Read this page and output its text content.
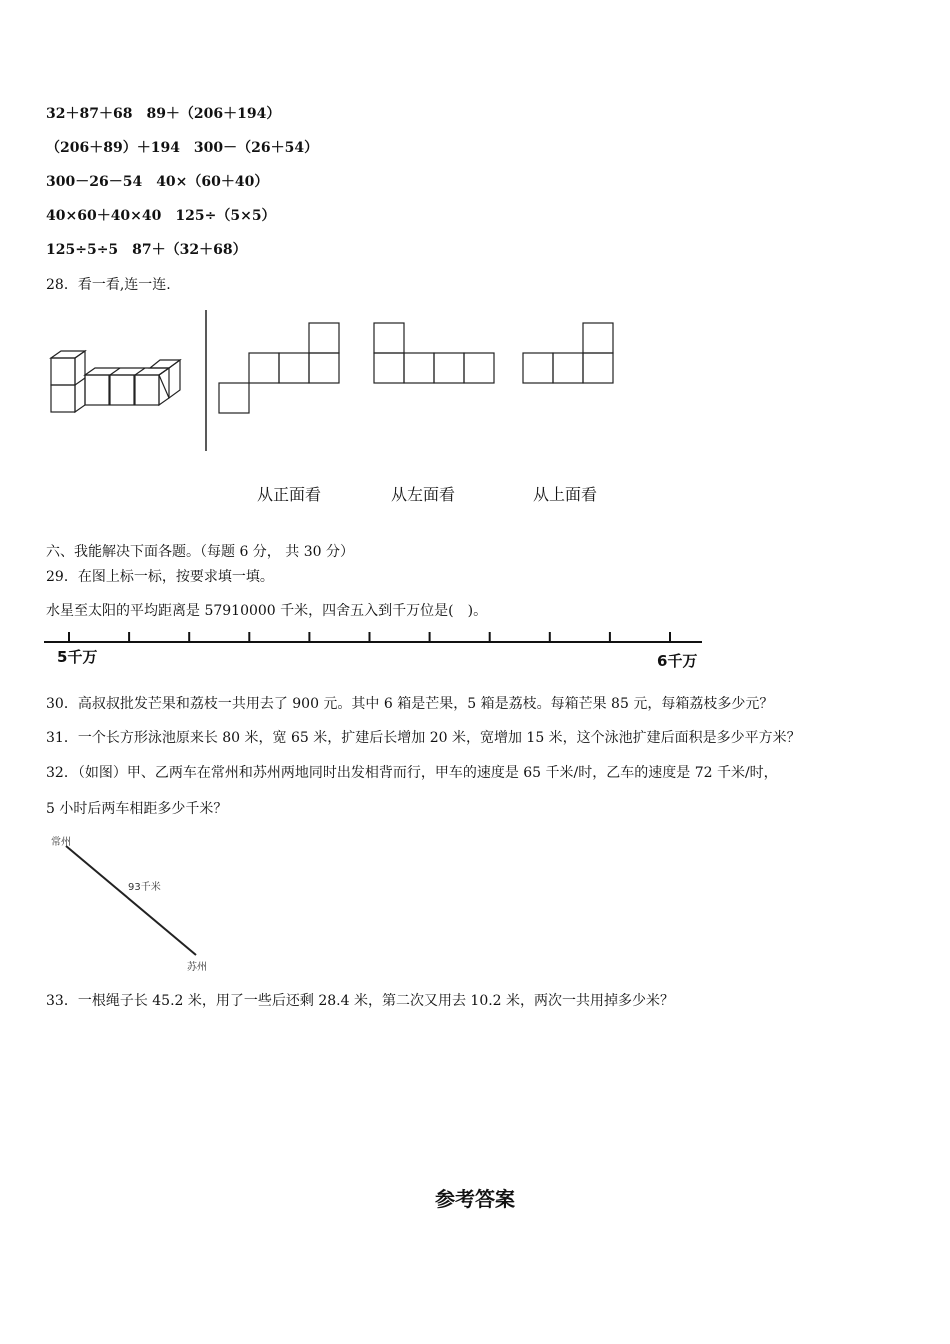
32＋87＋68　89＋（206＋194）
（206＋89）＋194　300－（26＋54）
300－26－54　40×（60＋40）
40×60＋40×40　125÷（5×5）
125÷5÷5　87＋（32＋68）
28．看一看,连一连.
从正面看	从左面看	从上面看
六、我能解决下面各题。（每题 6 分， 共 30 分）
29．在图上标一标，按要求填一填。
水星至太阳的平均距离是 57910000 千米，四舍五入到千万位是(　)。
5千万	6千万
30．高叔叔批发芒果和荔枝一共用去了 900 元。其中 6 箱是芒果，5 箱是荔枝。每箱芒果 85 元，每箱荔枝多少元？
31．一个长方形泳池原来长 80 米，宽 65 米，扩建后长增加 20 米，宽增加 15 米，这个泳池扩建后面积是多少平方米？
32．（如图）甲、乙两车在常州和苏州两地同时出发相背而行，甲车的速度是 65 千米/时，乙车的速度是 72 千米/时，
5 小时后两车相距多少千米？
常州
93千米
苏州
33．一根绳子长 45.2 米，用了一些后还剩 28.4 米，第二次又用去 10.2 米，两次一共用掉多少米？
参考答案
